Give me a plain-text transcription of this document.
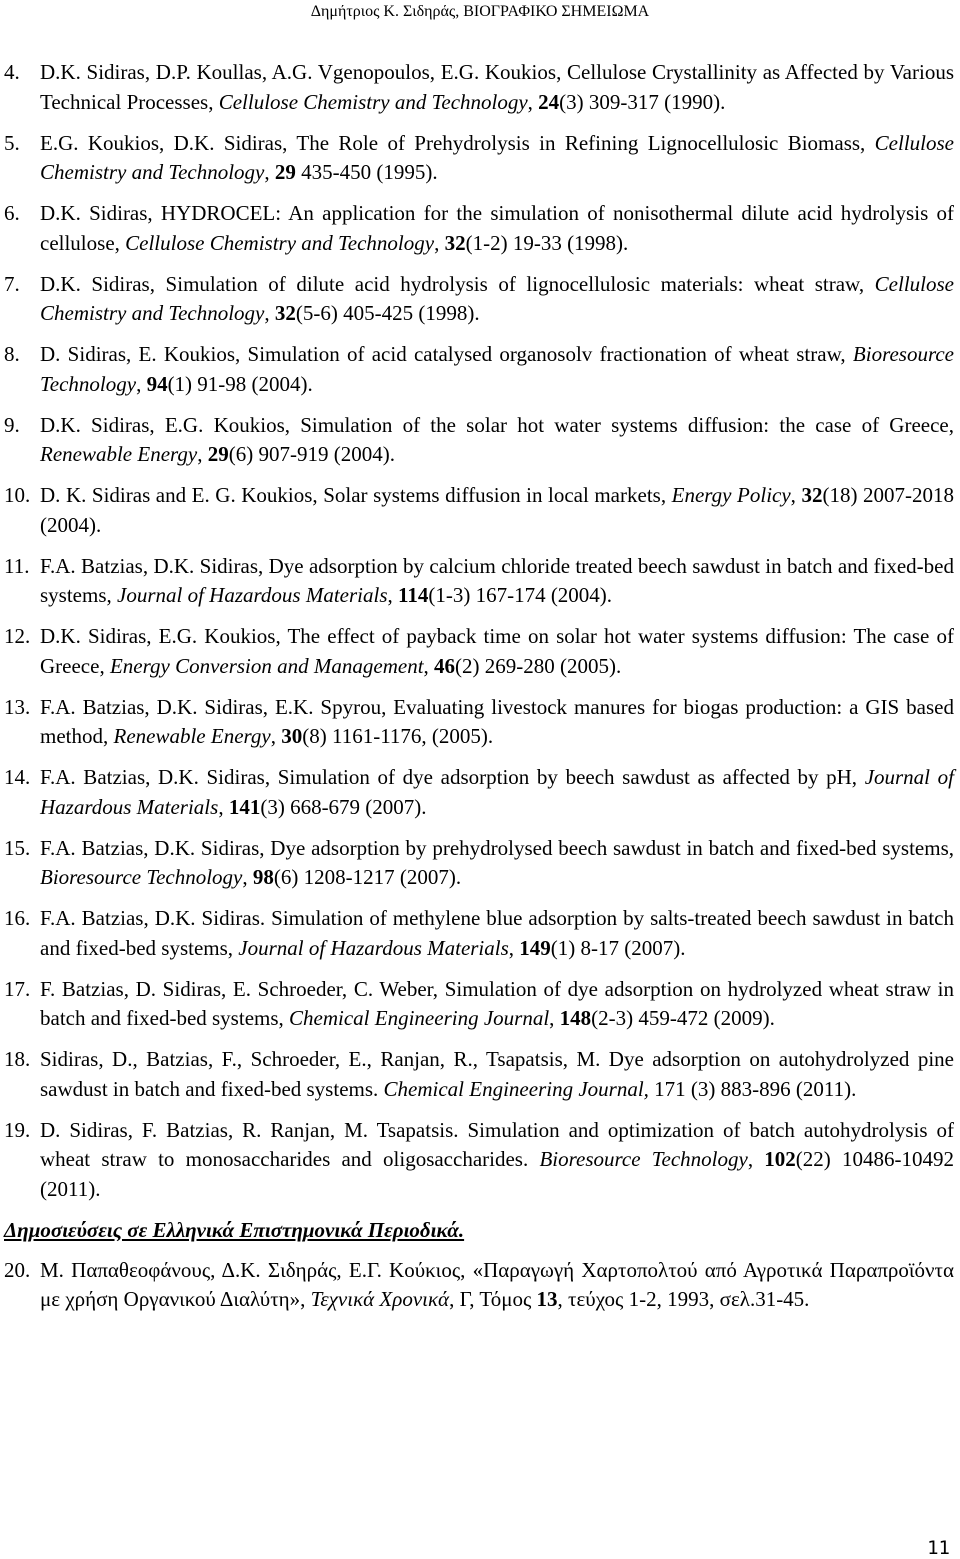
Δημήτριος Κ. Σιδηράς, ΒΙΟΓΡΑΦΙΚΟ ΣΗΜΕΙΩΜΑ
4. D.K. Sidiras, D.P. Koullas, A.G. Vgenopoulos, E.G. Koukios, Cellulose Crystallinity as Affected by Various Technical Processes, Cellulose Chemistry and Technology, 24(3) 309-317 (1990).
5. E.G. Koukios, D.K. Sidiras, The Role of Prehydrolysis in Refining Lignocellulosic Biomass, Cellulose Chemistry and Technology, 29 435-450 (1995).
6. D.K. Sidiras, HYDROCEL: An application for the simulation of nonisothermal dilute acid hydrolysis of cellulose, Cellulose Chemistry and Technology, 32(1-2) 19-33 (1998).
7. D.K. Sidiras, Simulation of dilute acid hydrolysis of lignocellulosic materials: wheat straw, Cellulose Chemistry and Technology, 32(5-6) 405-425 (1998).
8. D. Sidiras, E. Koukios, Simulation of acid catalysed organosolv fractionation of wheat straw, Bioresource Technology, 94(1) 91-98 (2004).
9. D.K. Sidiras, E.G. Koukios, Simulation of the solar hot water systems diffusion: the case of Greece, Renewable Energy, 29(6) 907-919 (2004).
10. D. K. Sidiras and E. G. Koukios, Solar systems diffusion in local markets, Energy Policy, 32(18) 2007-2018 (2004).
11. F.A. Batzias, D.K. Sidiras, Dye adsorption by calcium chloride treated beech sawdust in batch and fixed-bed systems, Journal of Hazardous Materials, 114(1-3) 167-174 (2004).
12. D.K. Sidiras, E.G. Koukios, The effect of payback time on solar hot water systems diffusion: The case of Greece, Energy Conversion and Management, 46(2) 269-280 (2005).
13. F.A. Batzias, D.K. Sidiras, E.K. Spyrou, Evaluating livestock manures for biogas production: a GIS based method, Renewable Energy, 30(8) 1161-1176, (2005).
14. F.A. Batzias, D.K. Sidiras, Simulation of dye adsorption by beech sawdust as affected by pH, Journal of Hazardous Materials, 141(3) 668-679 (2007).
15. F.A. Batzias, D.K. Sidiras, Dye adsorption by prehydrolysed beech sawdust in batch and fixed-bed systems, Bioresource Technology, 98(6) 1208-1217 (2007).
16. F.A. Batzias, D.K. Sidiras. Simulation of methylene blue adsorption by salts-treated beech sawdust in batch and fixed-bed systems, Journal of Hazardous Materials, 149(1) 8-17 (2007).
17. F. Batzias, D. Sidiras, E. Schroeder, C. Weber, Simulation of dye adsorption on hydrolyzed wheat straw in batch and fixed-bed systems, Chemical Engineering Journal, 148(2-3) 459-472 (2009).
18. Sidiras, D., Batzias, F., Schroeder, E., Ranjan, R., Tsapatsis, M. Dye adsorption on autohydrolyzed pine sawdust in batch and fixed-bed systems. Chemical Engineering Journal, 171 (3) 883-896 (2011).
19. D. Sidiras, F. Batzias, R. Ranjan, M. Tsapatsis. Simulation and optimization of batch autohydrolysis of wheat straw to monosaccharides and oligosaccharides. Bioresource Technology, 102(22) 10486-10492 (2011).
Δημοσιεύσεις σε Ελληνικά Επιστημονικά Περιοδικά.
20. Μ. Παπαθεοφάνους, Δ.Κ. Σιδηράς, Ε.Γ. Κούκιος, «Παραγωγή Χαρτοπολτού από Αγροτικά Παραπροϊόντα με χρήση Οργανικού Διαλύτη», Τεχνικά Χρονικά, Γ, Τόμος 13, τεύχος 1-2, 1993, σελ.31-45.
11
